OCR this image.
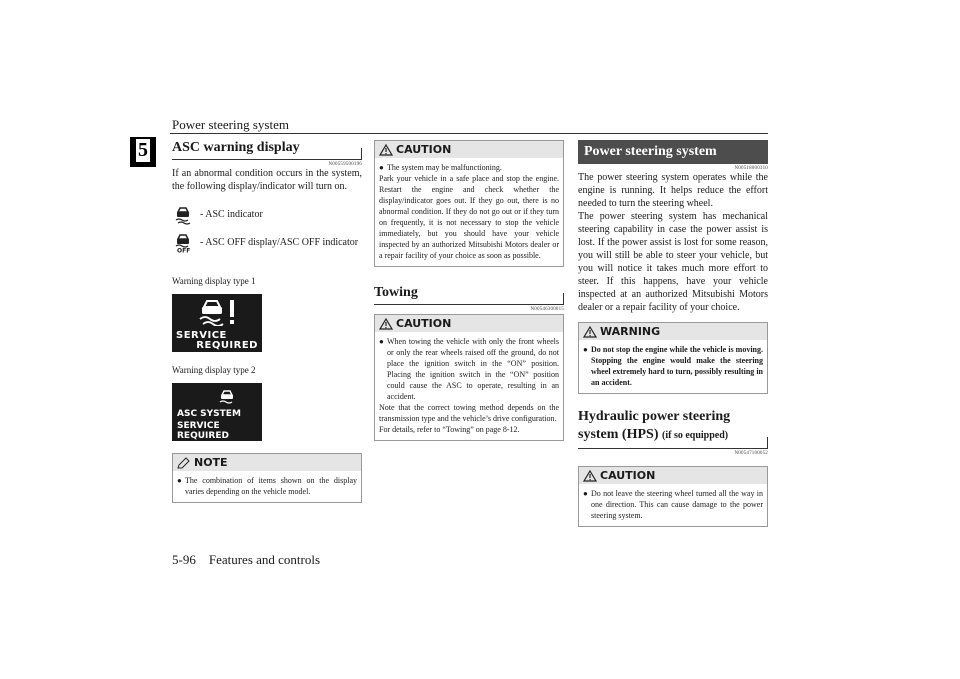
Power steering system
5
5-96 Features and controls
ASC warning display
N00559500196
If an abnormal condition occurs in the system, the following display/indicator will turn on.
- ASC indicator
OFF
- ASC OFF display/ASC OFF indicator
Warning display type 1
SERVICE
REQUIRED
Warning display type 2
ASC SYSTEM
SERVICE REQUIRED
NOTE
● The combination of items shown on the display varies depending on the vehicle model.
CAUTION
● The system may be malfunctioning.
Park your vehicle in a safe place and stop the engine. Restart the engine and check whether the display/indicator goes out. If they go out, there is no abnormal condition. If they do not go out or if they turn on frequently, it is not necessary to stop the vehicle immediately, but you should have your vehicle inspected by an authorized Mitsubishi Motors dealer or a repair facility of your choice as soon as possible.
Towing
N00546300015
CAUTION
● When towing the vehicle with only the front wheels or only the rear wheels raised off the ground, do not place the ignition switch in the “ON” position. Placing the ignition switch in the “ON” position could cause the ASC to operate, resulting in an accident.
Note that the correct towing method depends on the transmission type and the vehicle’s drive configuration.
For details, refer to “Towing” on page 8-12.
Power steering system
N00518000310
The power steering system operates while the engine is running. It helps reduce the effort needed to turn the steering wheel.
The power steering system has mechanical steering capability in case the power assist is lost. If the power assist is lost for some reason, you will still be able to steer your vehicle, but you will notice it takes much more effort to steer. If this happens, have your vehicle inspected at an authorized Mitsubishi Motors dealer or a repair facility of your choice.
WARNING
● Do not stop the engine while the vehicle is moving. Stopping the engine would make the steering wheel extremely hard to turn, possibly resulting in an accident.
Hydraulic power steering system (HPS) (if so equipped)
N00547100052
CAUTION
● Do not leave the steering wheel turned all the way in one direction. This can cause damage to the power steering system.
